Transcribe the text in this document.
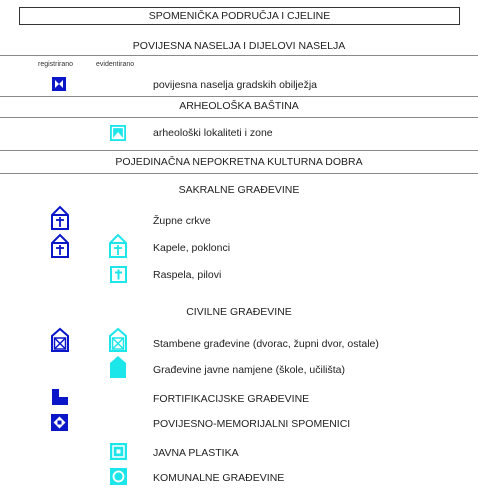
SPOMENIČKA PODRUČJA I CJELINE
POVIJESNA NASELJA I DIJELOVI NASELJA
registrirano	evidentirano
povijesna naselja gradskih obilježja
ARHEOLOŠKA BAŠTINA
arheološki lokaliteti i zone
POJEDINAČNA NEPOKRETNA KULTURNA DOBRA
SAKRALNE GRAĐEVINE
Župne crkve
Kapele, poklonci
Raspela, pilovi
CIVILNE GRAĐEVINE
Stambene građevine (dvorac, župni dvor, ostale)
Građevine javne namjene (škole, učilišta)
FORTIFIKACIJSKE GRAĐEVINE
POVIJESNO-MEMORIJALNI SPOMENICI
JAVNA PLASTIKA
KOMUNALNE GRAĐEVINE
